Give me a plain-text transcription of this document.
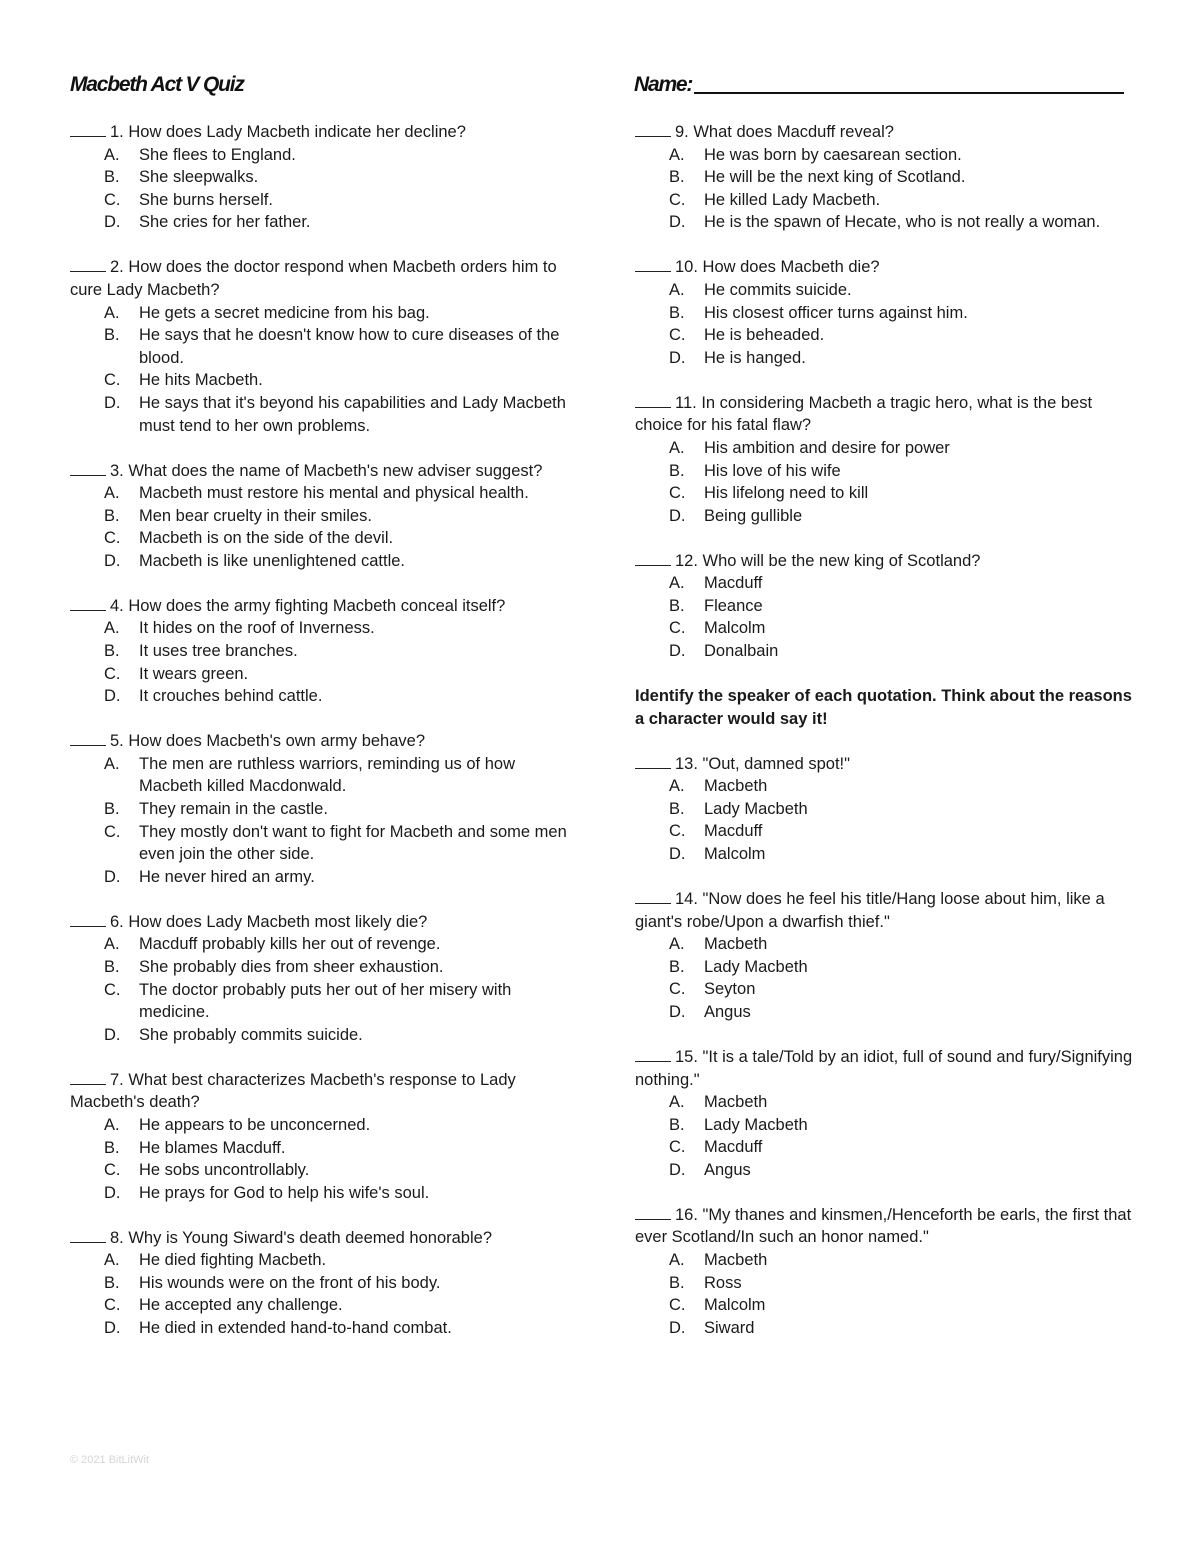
Macbeth Act V Quiz	Name:
1. How does Lady Macbeth indicate her decline?
A.	She flees to England.
B.	She sleepwalks.
C.	She burns herself.
D.	She cries for her father.
2. How does the doctor respond when Macbeth orders him to cure Lady Macbeth?
A.	He gets a secret medicine from his bag.
B.	He says that he doesn't know how to cure diseases of the blood.
C.	He hits Macbeth.
D.	He says that it's beyond his capabilities and Lady Macbeth must tend to her own problems.
3. What does the name of Macbeth's new adviser suggest?
A.	Macbeth must restore his mental and physical health.
B.	Men bear cruelty in their smiles.
C.	Macbeth is on the side of the devil.
D.	Macbeth is like unenlightened cattle.
4. How does the army fighting Macbeth conceal itself?
A.	It hides on the roof of Inverness.
B.	It uses tree branches.
C.	It wears green.
D.	It crouches behind cattle.
5. How does Macbeth's own army behave?
A.	The men are ruthless warriors, reminding us of how Macbeth killed Macdonwald.
B.	They remain in the castle.
C.	They mostly don't want to fight for Macbeth and some men even join the other side.
D.	He never hired an army.
6. How does Lady Macbeth most likely die?
A.	Macduff probably kills her out of revenge.
B.	She probably dies from sheer exhaustion.
C.	The doctor probably puts her out of her misery with medicine.
D.	She probably commits suicide.
7. What best characterizes Macbeth's response to Lady Macbeth's death?
A.	He appears to be unconcerned.
B.	He blames Macduff.
C.	He sobs uncontrollably.
D.	He prays for God to help his wife's soul.
8. Why is Young Siward's death deemed honorable?
A.	He died fighting Macbeth.
B.	His wounds were on the front of his body.
C.	He accepted any challenge.
D.	He died in extended hand-to-hand combat.
9. What does Macduff reveal?
A.	He was born by caesarean section.
B.	He will be the next king of Scotland.
C.	He killed Lady Macbeth.
D.	He is the spawn of Hecate, who is not really a woman.
10. How does Macbeth die?
A.	He commits suicide.
B.	His closest officer turns against him.
C.	He is beheaded.
D.	He is hanged.
11. In considering Macbeth a tragic hero, what is the best choice for his fatal flaw?
A.	His ambition and desire for power
B.	His love of his wife
C.	His lifelong need to kill
D.	Being gullible
12. Who will be the new king of Scotland?
A.	Macduff
B.	Fleance
C.	Malcolm
D.	Donalbain
Identify the speaker of each quotation. Think about the reasons a character would say it!
13. "Out, damned spot!"
A.	Macbeth
B.	Lady Macbeth
C.	Macduff
D.	Malcolm
14. "Now does he feel his title/Hang loose about him, like a giant's robe/Upon a dwarfish thief."
A.	Macbeth
B.	Lady Macbeth
C.	Seyton
D.	Angus
15. "It is a tale/Told by an idiot, full of sound and fury/Signifying nothing."
A.	Macbeth
B.	Lady Macbeth
C.	Macduff
D.	Angus
16. "My thanes and kinsmen,/Henceforth be earls, the first that ever Scotland/In such an honor named."
A.	Macbeth
B.	Ross
C.	Malcolm
D.	Siward
© 2021 BitLitWit
